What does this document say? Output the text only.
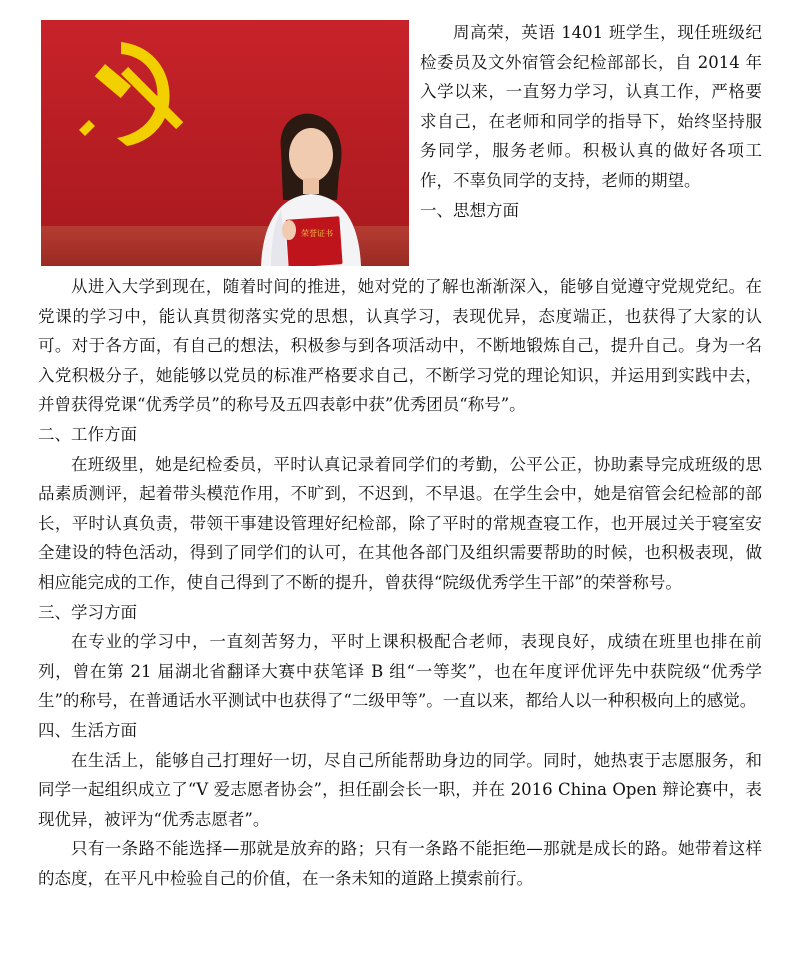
荣誉证书

周高荣，英语 1401 班学生，现任班级纪检委员及文外宿管会纪检部部长，自 2014 年入学以来，一直努力学习，认真工作，严格要求自己，在老师和同学的指导下，始终坚持服务同学，服务老师。积极认真的做好各项工作，不辜负同学的支持，老师的期望。

一、思想方面

从进入大学到现在，随着时间的推进，她对党的了解也渐渐深入，能够自觉遵守党规党纪。在党课的学习中，能认真贯彻落实党的思想，认真学习，表现优异，态度端正，也获得了大家的认可。对于各方面，有自己的想法，积极参与到各项活动中，不断地锻炼自己，提升自己。身为一名入党积极分子，她能够以党员的标准严格要求自己，不断学习党的理论知识，并运用到实践中去，并曾获得党课“优秀学员”的称号及五四表彰中获”优秀团员“称号”。

二、工作方面

在班级里，她是纪检委员，平时认真记录着同学们的考勤，公平公正，协助素导完成班级的思品素质测评，起着带头模范作用，不旷到，不迟到，不早退。在学生会中，她是宿管会纪检部的部长，平时认真负责，带领干事建设管理好纪检部，除了平时的常规查寝工作，也开展过关于寝室安全建设的特色活动，得到了同学们的认可，在其他各部门及组织需要帮助的时候，也积极表现，做相应能完成的工作，使自己得到了不断的提升，曾获得“院级优秀学生干部”的荣誉称号。

三、学习方面

在专业的学习中，一直刻苦努力，平时上课积极配合老师，表现良好，成绩在班里也排在前列，曾在第 21 届湖北省翻译大赛中获笔译 B 组“一等奖”，也在年度评优评先中获院级“优秀学生”的称号，在普通话水平测试中也获得了“二级甲等”。一直以来，都给人以一种积极向上的感觉。

四、生活方面

在生活上，能够自己打理好一切，尽自己所能帮助身边的同学。同时，她热衷于志愿服务，和同学一起组织成立了“V 爱志愿者协会”，担任副会长一职，并在 2016 China Open 辩论赛中，表现优异，被评为“优秀志愿者”。

只有一条路不能选择—那就是放弃的路；只有一条路不能拒绝—那就是成长的路。她带着这样的态度，在平凡中检验自己的价值，在一条未知的道路上摸索前行。
